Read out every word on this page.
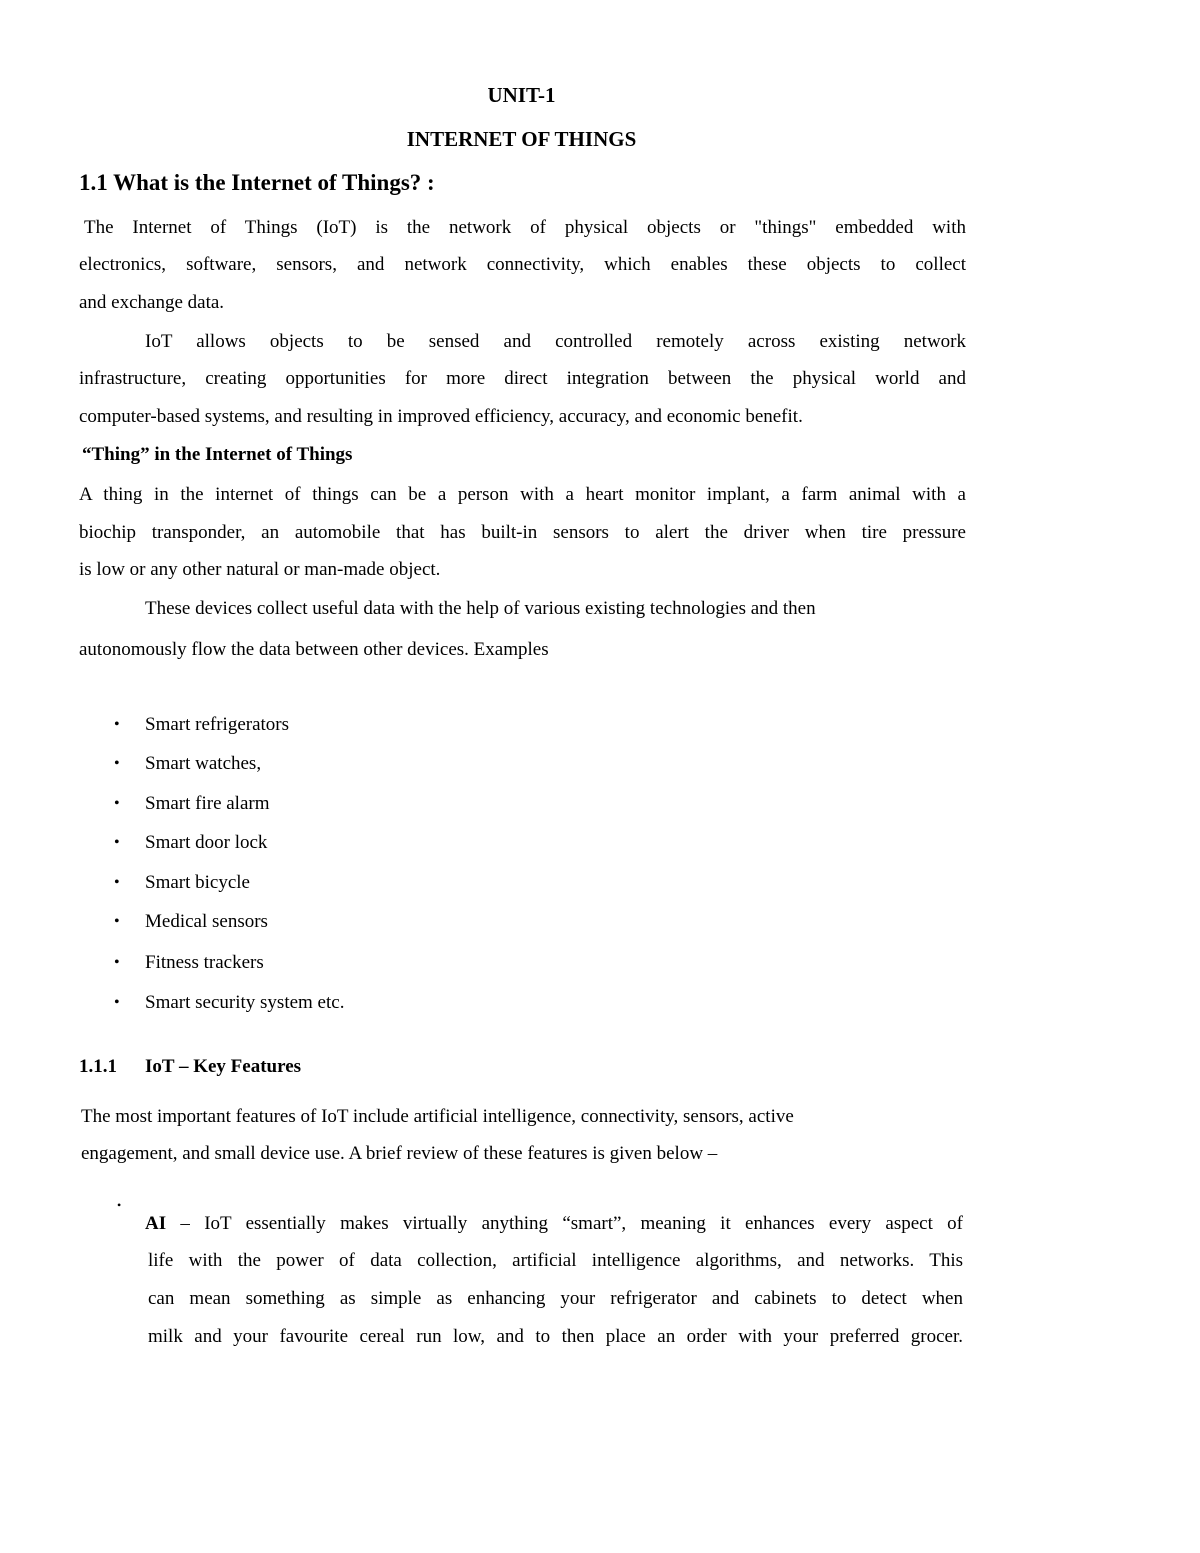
UNIT-1

INTERNET OF THINGS

1.1 What is the Internet of Things? :

The Internet of Things (IoT) is the network of physical objects or "things" embedded with

electronics, software, sensors, and network connectivity, which enables these objects to collect

and exchange data.

IoT allows objects to be sensed and controlled remotely across existing network

infrastructure, creating opportunities for more direct integration between the physical world and

computer-based systems, and resulting in improved efficiency, accuracy, and economic benefit.

“Thing” in the Internet of Things

A thing in the internet of things can be a person with a heart monitor implant, a farm animal with a

biochip transponder, an automobile that has built-in sensors to alert the driver when tire pressure

is low or any other natural or man-made object.

These devices collect useful data with the help of various existing technologies and then

autonomously flow the data between other devices. Examples

• Smart refrigerators
• Smart watches,
• Smart fire alarm
• Smart door lock
• Smart bicycle
• Medical sensors
• Fitness trackers
• Smart security system etc.

1.1.1 IoT – Key Features

The most important features of IoT include artificial intelligence, connectivity, sensors, active

engagement, and small device use. A brief review of these features is given below –

•

AI – IoT essentially makes virtually anything “smart”, meaning it enhances every aspect of

life with the power of data collection, artificial intelligence algorithms, and networks. This

can mean something as simple as enhancing your refrigerator and cabinets to detect when

milk and your favourite cereal run low, and to then place an order with your preferred grocer.
